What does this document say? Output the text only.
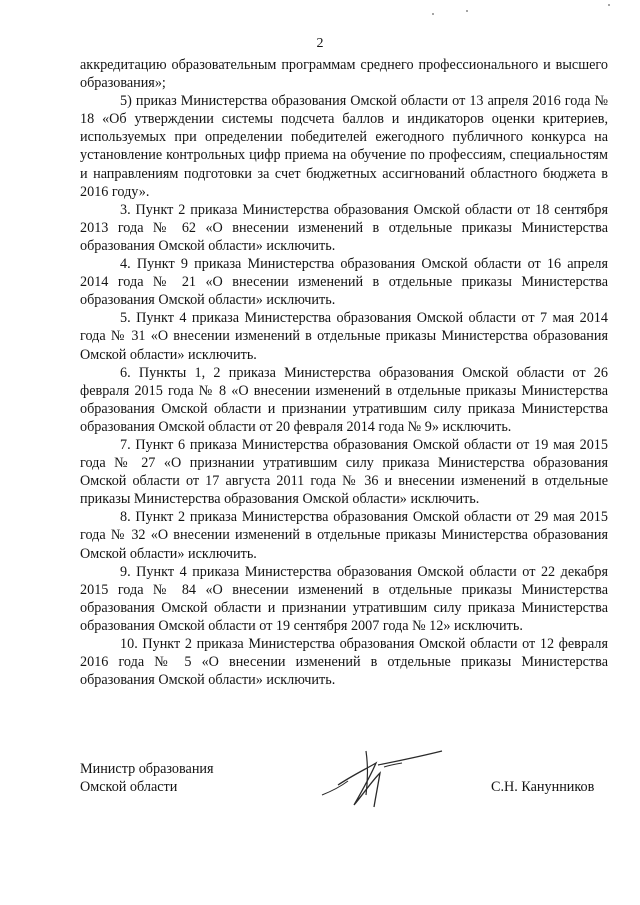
2

аккредитацию образовательным программам среднего профессионального и высшего образования»;

5) приказ Министерства образования Омской области от 13 апреля 2016 года № 18 «Об утверждении системы подсчета баллов и индикаторов оценки критериев, используемых при определении победителей ежегодного публичного конкурса на установление контрольных цифр приема на обучение по профессиям, специальностям и направлениям подготовки за счет бюджетных ассигнований областного бюджета в 2016 году».

3. Пункт 2 приказа Министерства образования Омской области от 18 сентября 2013 года № 62 «О внесении изменений в отдельные приказы Министерства образования Омской области» исключить.

4. Пункт 9 приказа Министерства образования Омской области от 16 апреля 2014 года № 21 «О внесении изменений в отдельные приказы Министерства образования Омской области» исключить.

5. Пункт 4 приказа Министерства образования Омской области от 7 мая 2014 года № 31 «О внесении изменений в отдельные приказы Министерства образования Омской области» исключить.

6. Пункты 1, 2 приказа Министерства образования Омской области от 26 февраля 2015 года № 8 «О внесении изменений в отдельные приказы Министерства образования Омской области и признании утратившим силу приказа Министерства образования Омской области от 20 февраля 2014 года № 9» исключить.

7. Пункт 6 приказа Министерства образования Омской области от 19 мая 2015 года № 27 «О признании утратившим силу приказа Министерства образования Омской области от 17 августа 2011 года № 36 и внесении изменений в отдельные приказы Министерства образования Омской области» исключить.

8. Пункт 2 приказа Министерства образования Омской области от 29 мая 2015 года № 32 «О внесении изменений в отдельные приказы Министерства образования Омской области» исключить.

9. Пункт 4 приказа Министерства образования Омской области от 22 декабря 2015 года № 84 «О внесении изменений в отдельные приказы Министерства образования Омской области и признании утратившим силу приказа Министерства образования Омской области от 19 сентября 2007 года № 12» исключить.

10. Пункт 2 приказа Министерства образования Омской области от 12 февраля 2016 года № 5 «О внесении изменений в отдельные приказы Министерства образования Омской области» исключить.

Министр образования
Омской области	С.Н. Канунников
